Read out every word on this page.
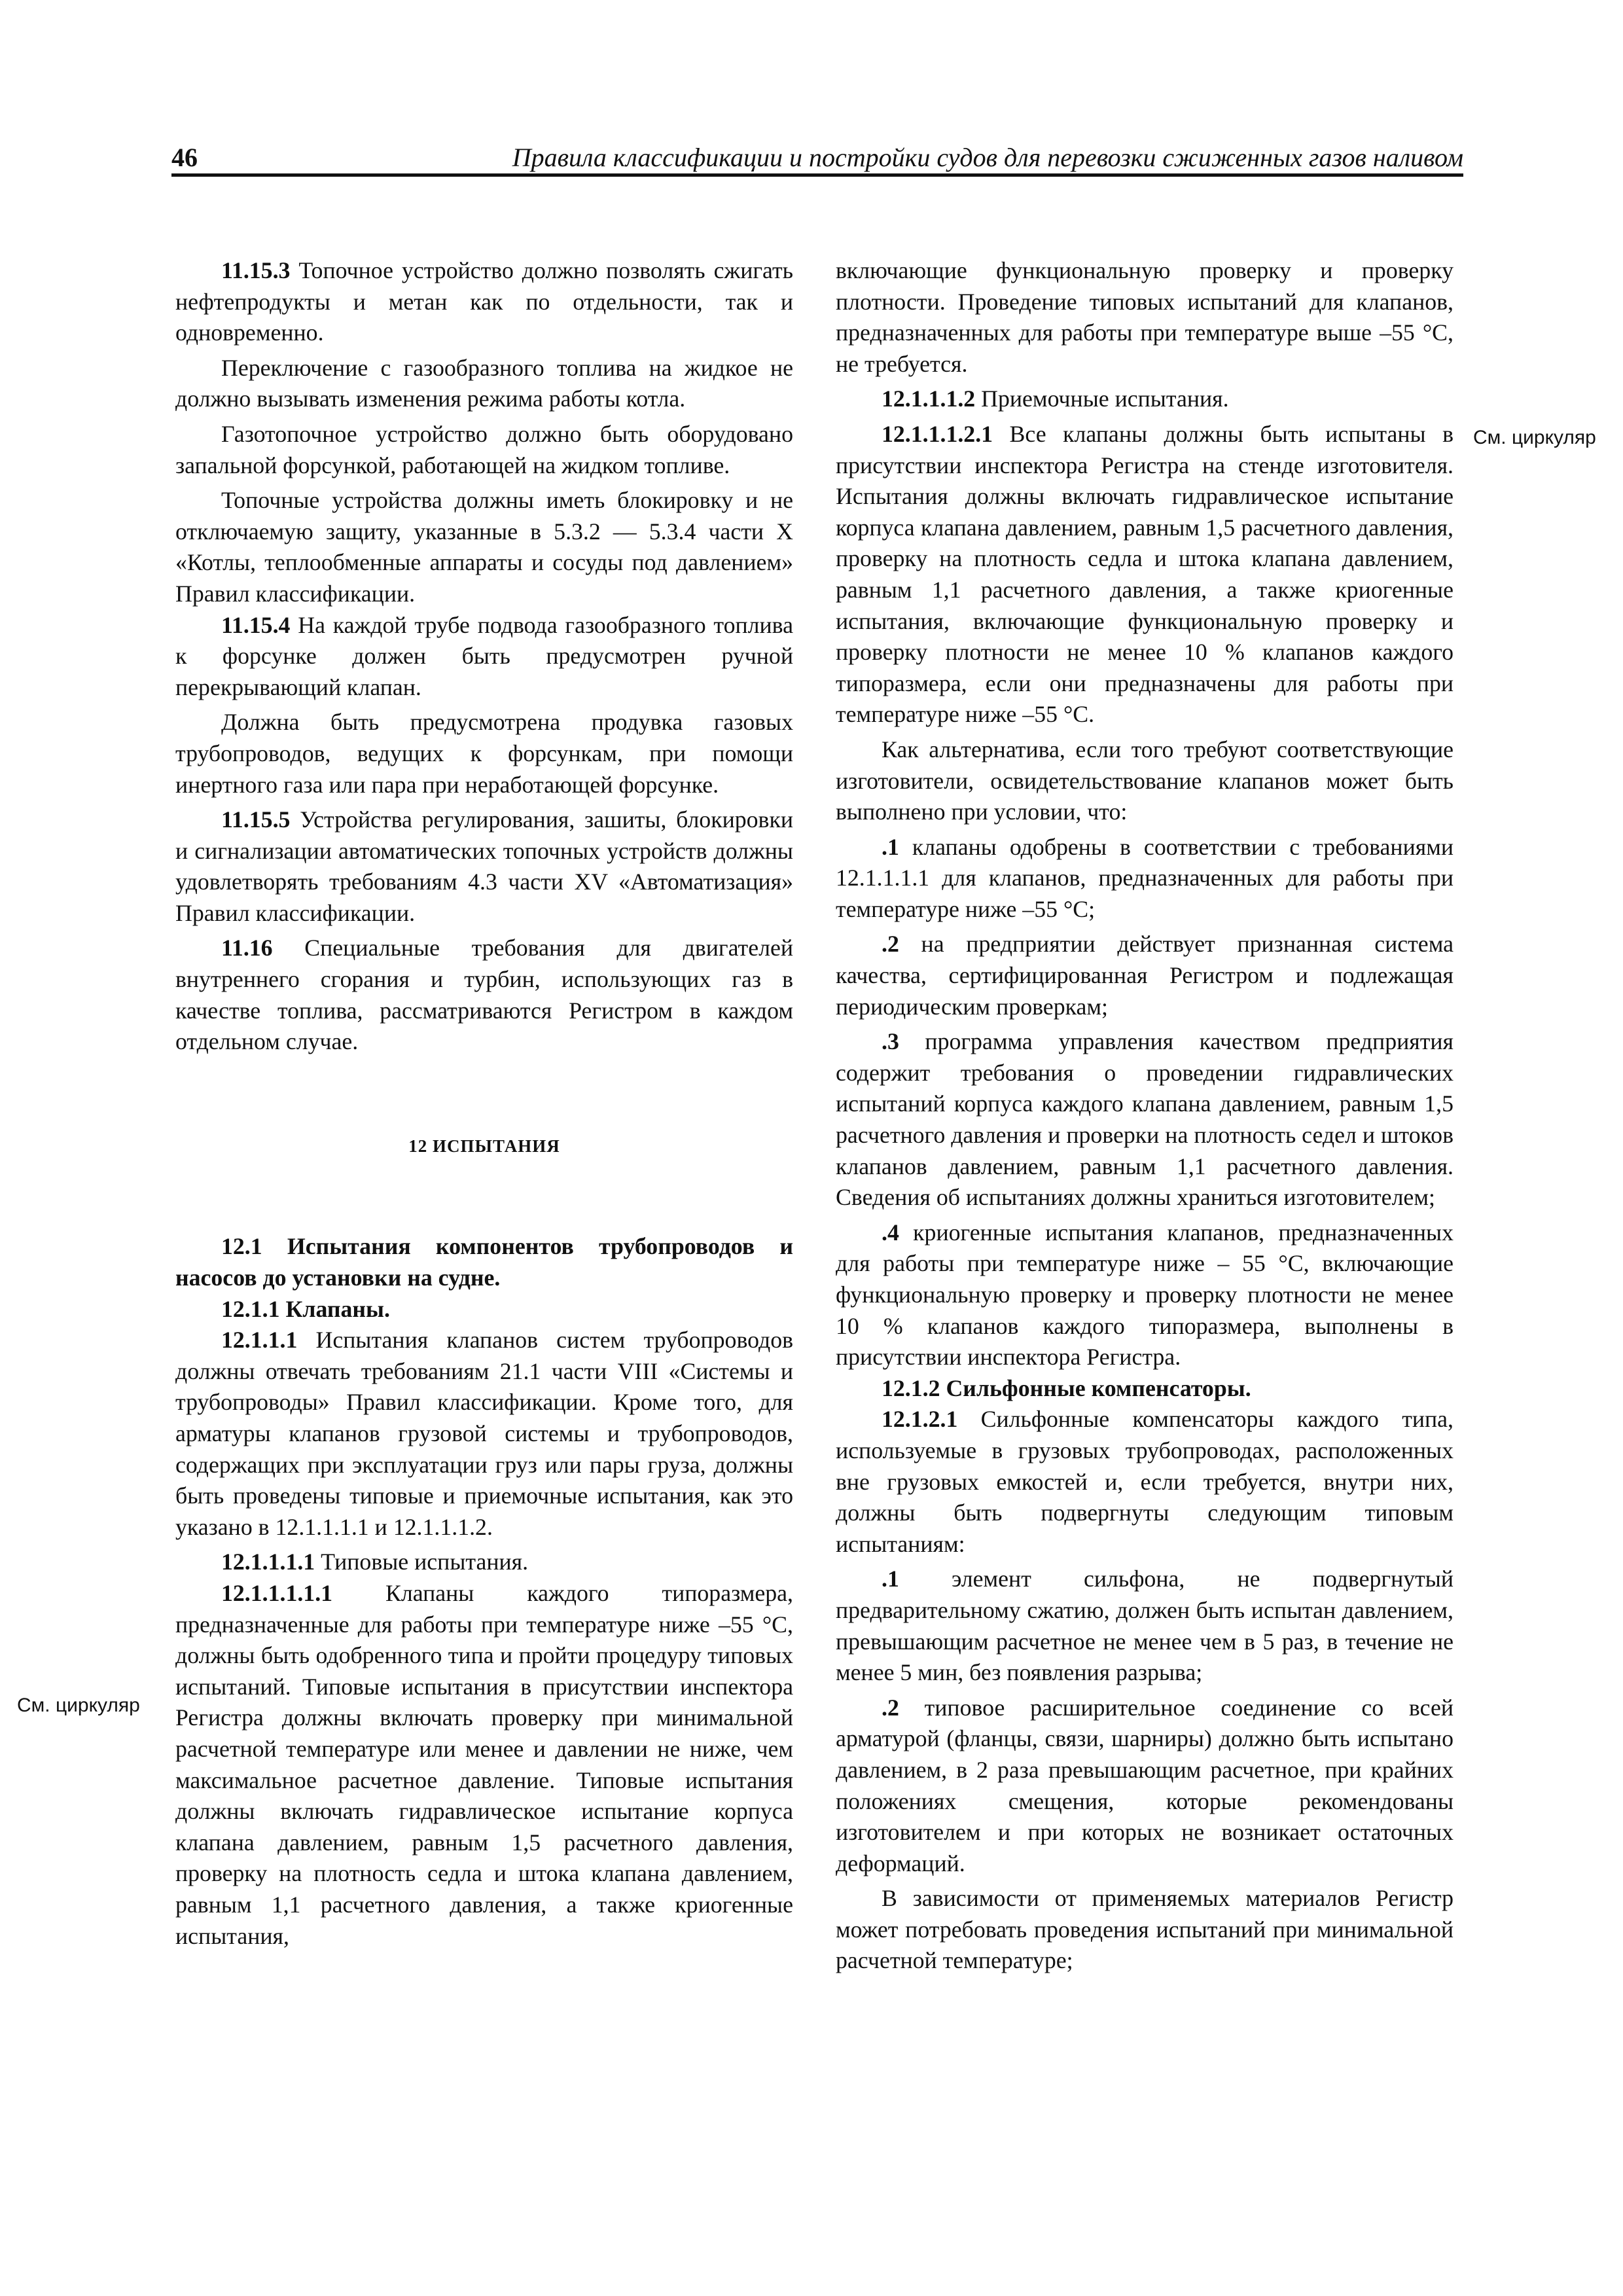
46	Правила классификации и постройки судов для перевозки сжиженных газов наливом
См. циркуляр
См. циркуляр

11.15.3 Топочное устройство должно позволять сжигать нефтепродукты и метан как по отдельности, так и одновременно.

Переключение с газообразного топлива на жидкое не должно вызывать изменения режима работы котла.

Газотопочное устройство должно быть оборудовано запальной форсункой, работающей на жидком топливе.

Топочные устройства должны иметь блокировку и не отключаемую защиту, указанные в 5.3.2 — 5.3.4 части X «Котлы, теплообменные аппараты и сосуды под давлением» Правил классификации.

11.15.4 На каждой трубе подвода газообразного топлива к форсунке должен быть предусмотрен ручной перекрывающий клапан.

Должна быть предусмотрена продувка газовых трубопроводов, ведущих к форсункам, при помощи инертного газа или пара при неработающей форсунке.

11.15.5 Устройства регулирования, зашиты, блокировки и сигнализации автоматических топочных устройств должны удовлетворять требованиям 4.3 части XV «Автоматизация» Правил классификации.

11.16 Специальные требования для двигателей внутреннего сгорания и турбин, использующих газ в качестве топлива, рассматриваются Регистром в каждом отдельном случае.

12 ИСПЫТАНИЯ

12.1 Испытания компонентов трубопроводов и насосов до установки на судне.

12.1.1 Клапаны.

12.1.1.1 Испытания клапанов систем трубопроводов должны отвечать требованиям 21.1 части VIII «Системы и трубопроводы» Правил классификации. Кроме того, для арматуры клапанов грузовой системы и трубопроводов, содержащих при эксплуатации груз или пары груза, должны быть проведены типовые и приемочные испытания, как это указано в 12.1.1.1.1 и 12.1.1.1.2.

12.1.1.1.1 Типовые испытания.

12.1.1.1.1.1 Клапаны каждого типоразмера, предназначенные для работы при температуре ниже –55 °С, должны быть одобренного типа и пройти процедуру типовых испытаний. Типовые испытания в присутствии инспектора Регистра должны включать проверку при минимальной расчетной температуре или менее и давлении не ниже, чем максимальное расчетное давление. Типовые испытания должны включать гидравлическое испытание корпуса клапана давлением, равным 1,5 расчетного давления, проверку на плотность седла и штока клапана давлением, равным 1,1 расчетного давления, а также криогенные испытания,

включающие функциональную проверку и проверку плотности. Проведение типовых испытаний для клапанов, предназначенных для работы при температуре выше –55 °С, не требуется.

12.1.1.1.2 Приемочные испытания.

12.1.1.1.2.1 Все клапаны должны быть испытаны в присутствии инспектора Регистра на стенде изготовителя. Испытания должны включать гидравлическое испытание корпуса клапана давлением, равным 1,5 расчетного давления, проверку на плотность седла и штока клапана давлением, равным 1,1 расчетного давления, а также криогенные испытания, включающие функциональную проверку и проверку плотности не менее 10 % клапанов каждого типоразмера, если они предназначены для работы при температуре ниже –55 °С.

Как альтернатива, если того требуют соответствующие изготовители, освидетельствование клапанов может быть выполнено при условии, что:

.1 клапаны одобрены в соответствии с требованиями 12.1.1.1.1 для клапанов, предназначенных для работы при температуре ниже –55 °С;

.2 на предприятии действует признанная система качества, сертифицированная Регистром и подлежащая периодическим проверкам;

.3 программа управления качеством предприятия содержит требования о проведении гидравлических испытаний корпуса каждого клапана давлением, равным 1,5 расчетного давления и проверки на плотность седел и штоков клапанов давлением, равным 1,1 расчетного давления. Сведения об испытаниях должны храниться изготовителем;

.4 криогенные испытания клапанов, предназначенных для работы при температуре ниже – 55 °С, включающие функциональную проверку и проверку плотности не менее 10 % клапанов каждого типоразмера, выполнены в присутствии инспектора Регистра.

12.1.2 Сильфонные компенсаторы.

12.1.2.1 Сильфонные компенсаторы каждого типа, используемые в грузовых трубопроводах, расположенных вне грузовых емкостей и, если требуется, внутри них, должны быть подвергнуты следующим типовым испытаниям:

.1 элемент сильфона, не подвергнутый предварительному сжатию, должен быть испытан давлением, превышающим расчетное не менее чем в 5 раз, в течение не менее 5 мин, без появления разрыва;

.2 типовое расширительное соединение со всей арматурой (фланцы, связи, шарниры) должно быть испытано давлением, в 2 раза превышающим расчетное, при крайних положениях смещения, которые рекомендованы изготовителем и при которых не возникает остаточных деформаций.

В зависимости от применяемых материалов Регистр может потребовать проведения испытаний при минимальной расчетной температуре;
